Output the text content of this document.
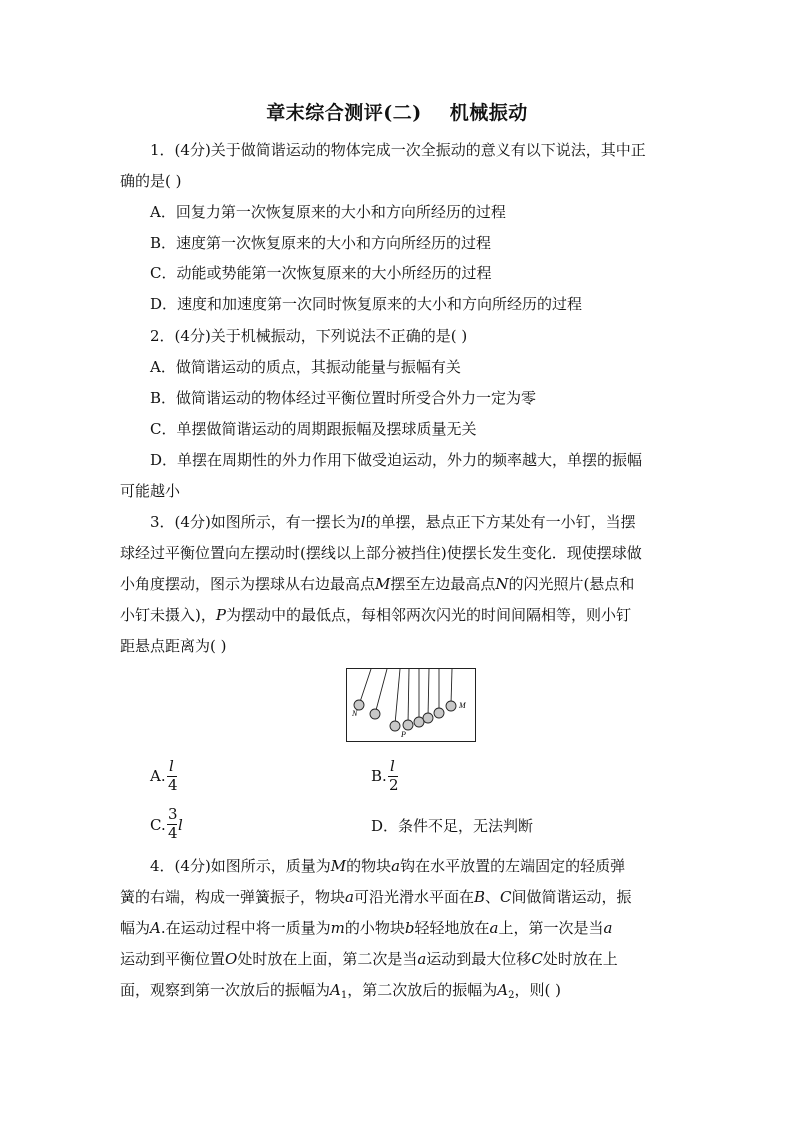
章末综合测评(二) 机械振动
1．(4分)关于做简谐运动的物体完成一次全振动的意义有以下说法，其中正
确的是( )
A．回复力第一次恢复原来的大小和方向所经历的过程
B．速度第一次恢复原来的大小和方向所经历的过程
C．动能或势能第一次恢复原来的大小所经历的过程
D．速度和加速度第一次同时恢复原来的大小和方向所经历的过程
2．(4分)关于机械振动，下列说法不正确的是( )
A．做简谐运动的质点，其振动能量与振幅有关
B．做简谐运动的物体经过平衡位置时所受合外力一定为零
C．单摆做简谐运动的周期跟振幅及摆球质量无关
D．单摆在周期性的外力作用下做受迫运动，外力的频率越大，单摆的振幅
可能越小
3．(4分)如图所示，有一摆长为l的单摆，悬点正下方某处有一小钉，当摆
球经过平衡位置向左摆动时(摆线以上部分被挡住)使摆长发生变化．现使摆球做
小角度摆动，图示为摆球从右边最高点M摆至左边最高点N的闪光照片(悬点和
小钉未摄入)，P为摆动中的最低点，每相邻两次闪光的时间间隔相等，则小钉
距悬点距离为( )
N
M
P
A.
l
4	B.
l
2
C.
3
4 l	D．条件不足，无法判断
4．(4分)如图所示，质量为M的物块a钩在水平放置的左端固定的轻质弹
簧的右端，构成一弹簧振子，物块a可沿光滑水平面在B、C间做简谐运动，振
幅为A.在运动过程中将一质量为m的小物块b轻轻地放在a上，第一次是当a
运动到平衡位置O处时放在上面，第二次是当a运动到最大位移C处时放在上
面，观察到第一次放后的振幅为$A_1$，第二次放后的振幅为$A_2$，则( )
